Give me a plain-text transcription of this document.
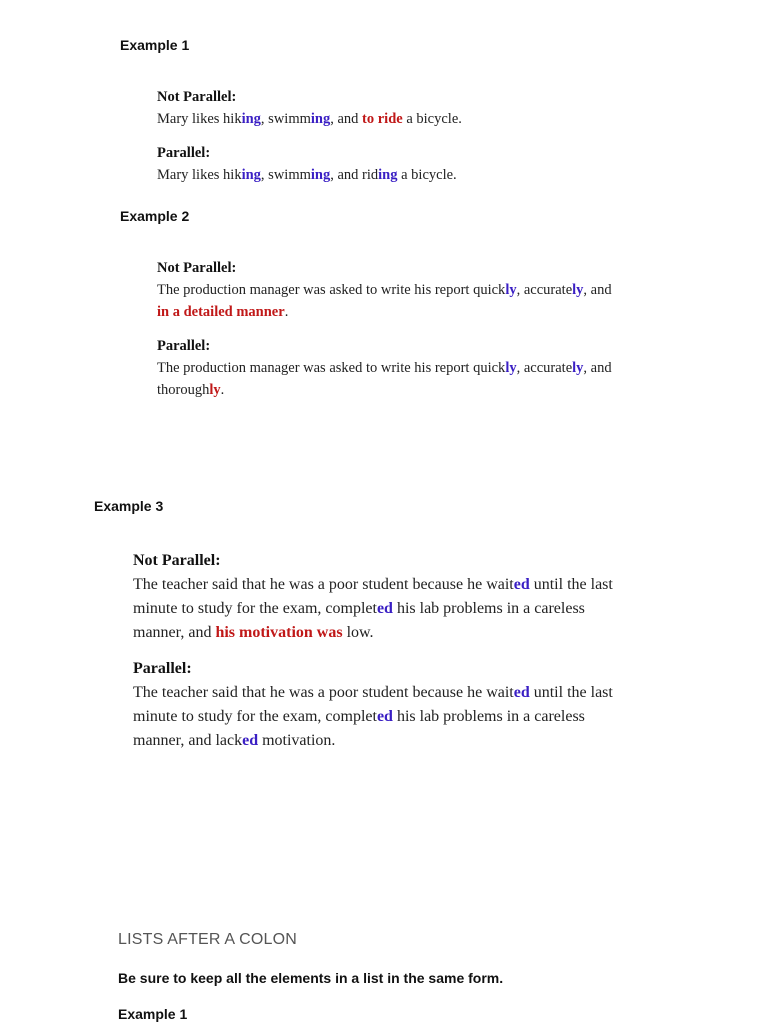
Example 1

Not Parallel:

Mary likes hiking, swimming, and to ride a bicycle.

Parallel:

Mary likes hiking, swimming, and riding a bicycle.

Example 2

Not Parallel:

The production manager was asked to write his report quickly, accurately, and

in a detailed manner.

Parallel:

The production manager was asked to write his report quickly, accurately, and

thoroughly.

Example 3

Not Parallel:

The teacher said that he was a poor student because he waited until the last

minute to study for the exam, completed his lab problems in a careless

manner, and his motivation was low.

Parallel:

The teacher said that he was a poor student because he waited until the last

minute to study for the exam, completed his lab problems in a careless

manner, and lacked motivation.

LISTS AFTER A COLON

Be sure to keep all the elements in a list in the same form.

Example 1
